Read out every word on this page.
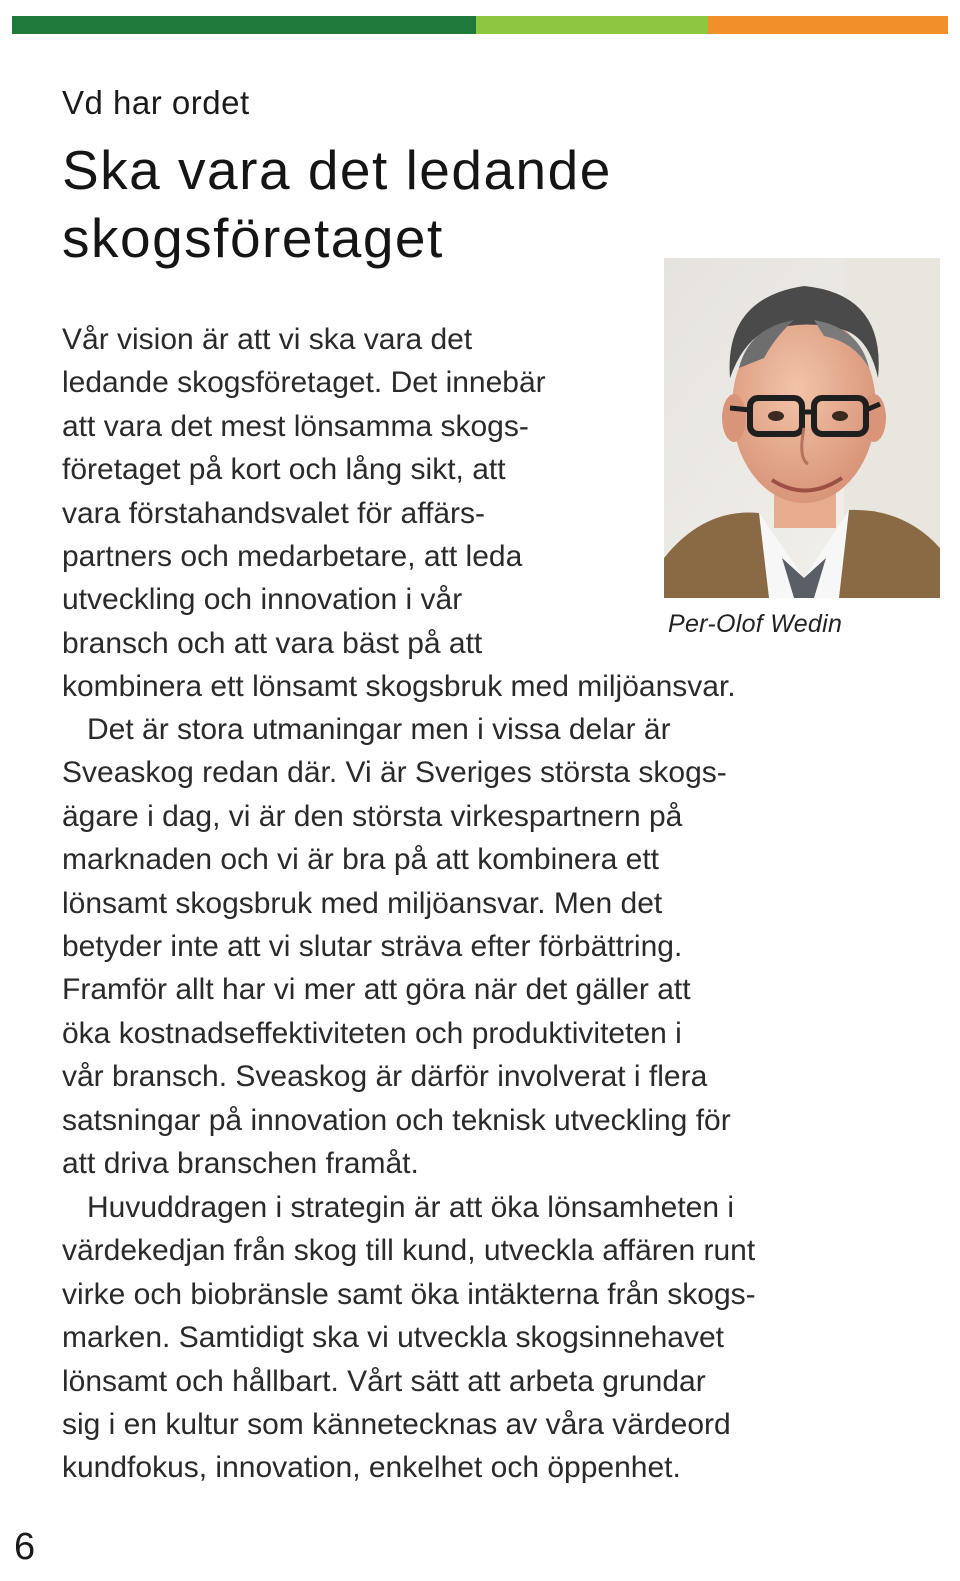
Vd har ordet
Ska vara det ledande
skogsföretaget
Per-Olof Wedin

Vår vision är att vi ska vara det
ledande skogsföretaget. Det innebär
att vara det mest lönsamma skogs-
företaget på kort och lång sikt, att
vara förstahandsvalet för affärs-
partners och medarbetare, att leda
utveckling och innovation i vår
bransch och att vara bäst på att
kombinera ett lönsamt skogsbruk med miljöansvar.

Det är stora utmaningar men i vissa delar är
Sveaskog redan där. Vi är Sveriges största skogs-
ägare i dag, vi är den största virkespartnern på
marknaden och vi är bra på att kombinera ett
lönsamt skogsbruk med miljöansvar. Men det
betyder inte att vi slutar sträva efter förbättring.
Framför allt har vi mer att göra när det gäller att
öka kostnadseffektiviteten och produktiviteten i
vår bransch. Sveaskog är därför involverat i flera
satsningar på innovation och teknisk utveckling för
att driva branschen framåt.

Huvuddragen i strategin är att öka lönsamheten i
värdekedjan från skog till kund, utveckla affären runt
virke och biobränsle samt öka intäkterna från skogs-
marken. Samtidigt ska vi utveckla skogsinnehavet
lönsamt och hållbart. Vårt sätt att arbeta grundar
sig i en kultur som kännetecknas av våra värdeord
kundfokus, innovation, enkelhet och öppenhet.

6
